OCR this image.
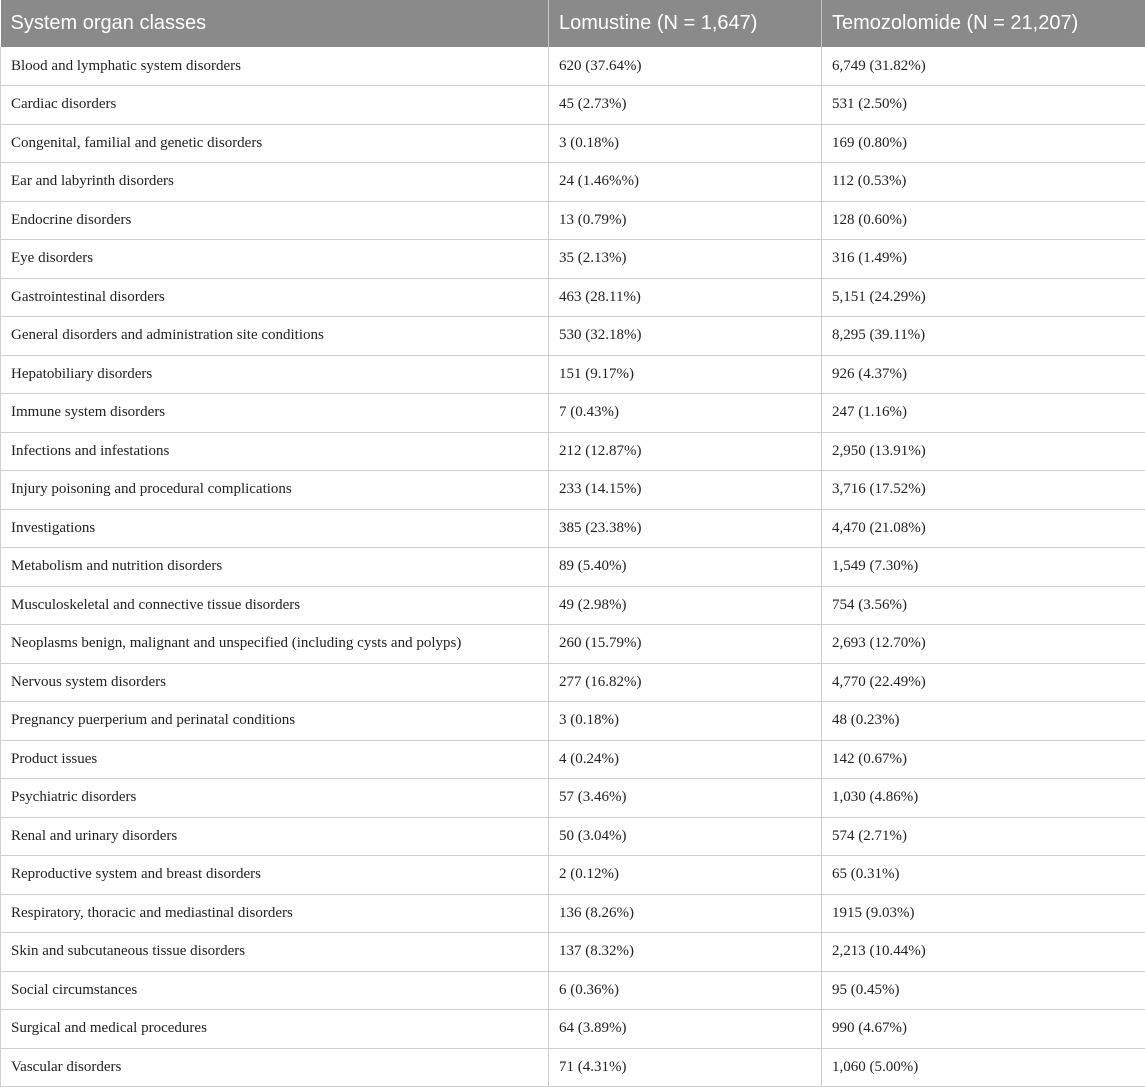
System organ classes	Lomustine (N = 1,647)	Temozolomide (N = 21,207)
Blood and lymphatic system disorders	620 (37.64%)	6,749 (31.82%)
Cardiac disorders	45 (2.73%)	531 (2.50%)
Congenital, familial and genetic disorders	3 (0.18%)	169 (0.80%)
Ear and labyrinth disorders	24 (1.46%%)	112 (0.53%)
Endocrine disorders	13 (0.79%)	128 (0.60%)
Eye disorders	35 (2.13%)	316 (1.49%)
Gastrointestinal disorders	463 (28.11%)	5,151 (24.29%)
General disorders and administration site conditions	530 (32.18%)	8,295 (39.11%)
Hepatobiliary disorders	151 (9.17%)	926 (4.37%)
Immune system disorders	7 (0.43%)	247 (1.16%)
Infections and infestations	212 (12.87%)	2,950 (13.91%)
Injury poisoning and procedural complications	233 (14.15%)	3,716 (17.52%)
Investigations	385 (23.38%)	4,470 (21.08%)
Metabolism and nutrition disorders	89 (5.40%)	1,549 (7.30%)
Musculoskeletal and connective tissue disorders	49 (2.98%)	754 (3.56%)
Neoplasms benign, malignant and unspecified (including cysts and polyps)	260 (15.79%)	2,693 (12.70%)
Nervous system disorders	277 (16.82%)	4,770 (22.49%)
Pregnancy puerperium and perinatal conditions	3 (0.18%)	48 (0.23%)
Product issues	4 (0.24%)	142 (0.67%)
Psychiatric disorders	57 (3.46%)	1,030 (4.86%)
Renal and urinary disorders	50 (3.04%)	574 (2.71%)
Reproductive system and breast disorders	2 (0.12%)	65 (0.31%)
Respiratory, thoracic and mediastinal disorders	136 (8.26%)	1915 (9.03%)
Skin and subcutaneous tissue disorders	137 (8.32%)	2,213 (10.44%)
Social circumstances	6 (0.36%)	95 (0.45%)
Surgical and medical procedures	64 (3.89%)	990 (4.67%)
Vascular disorders	71 (4.31%)	1,060 (5.00%)
